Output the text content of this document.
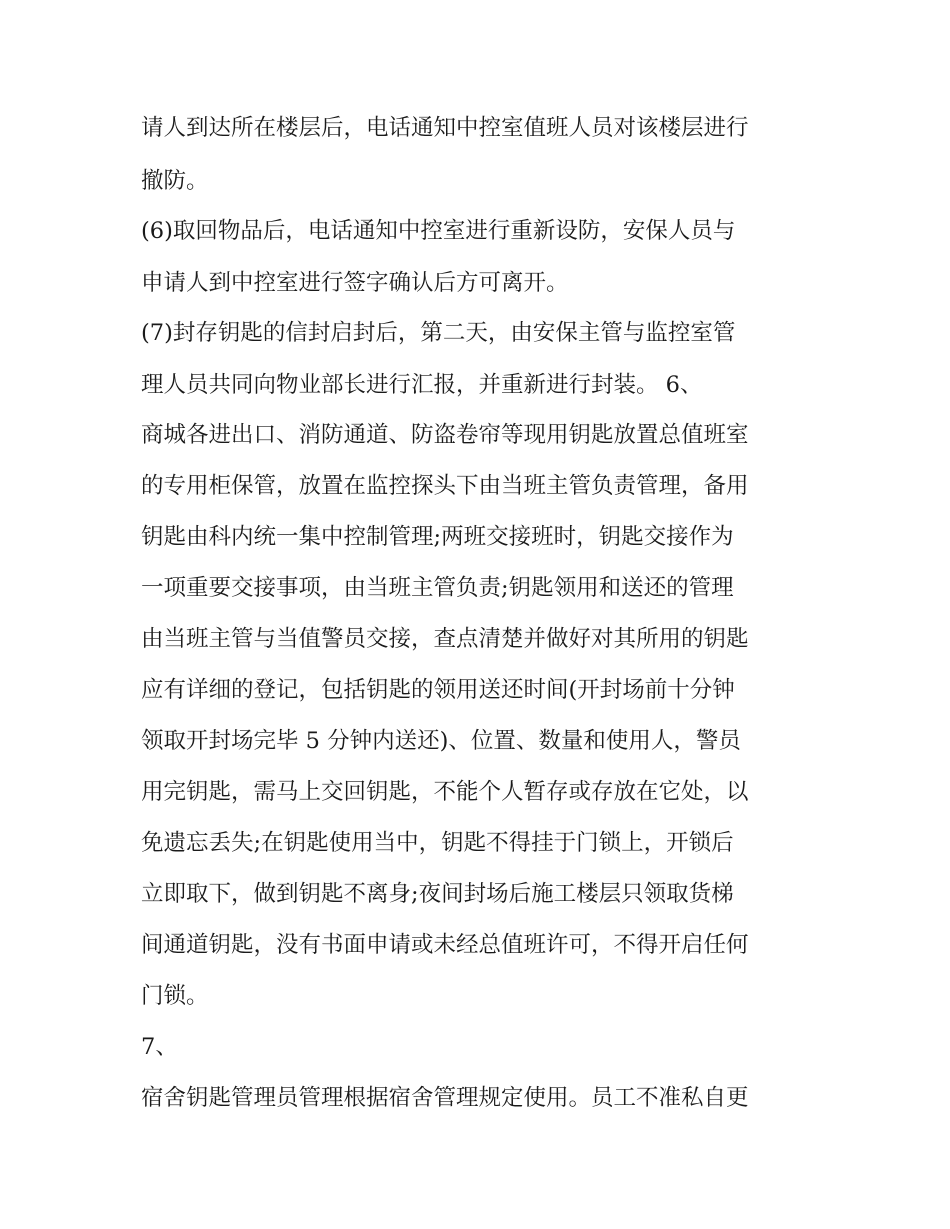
请人到达所在楼层后，电话通知中控室值班人员对该楼层进行
撤防。
(6)取回物品后，电话通知中控室进行重新设防，安保人员与
申请人到中控室进行签字确认后方可离开。
(7)封存钥匙的信封启封后，第二天，由安保主管与监控室管
理人员共同向物业部长进行汇报，并重新进行封装。 6、
商城各进出口、消防通道、防盗卷帘等现用钥匙放置总值班室
的专用柜保管，放置在监控探头下由当班主管负责管理，备用
钥匙由科内统一集中控制管理;两班交接班时，钥匙交接作为
一项重要交接事项，由当班主管负责;钥匙领用和送还的管理
由当班主管与当值警员交接，查点清楚并做好对其所用的钥匙
应有详细的登记，包括钥匙的领用送还时间(开封场前十分钟
领取开封场完毕 5 分钟内送还)、位置、数量和使用人，警员
用完钥匙，需马上交回钥匙，不能个人暂存或存放在它处，以
免遗忘丢失;在钥匙使用当中，钥匙不得挂于门锁上，开锁后
立即取下，做到钥匙不离身;夜间封场后施工楼层只领取货梯
间通道钥匙，没有书面申请或未经总值班许可，不得开启任何
门锁。
7、
宿舍钥匙管理员管理根据宿舍管理规定使用。员工不准私自更
